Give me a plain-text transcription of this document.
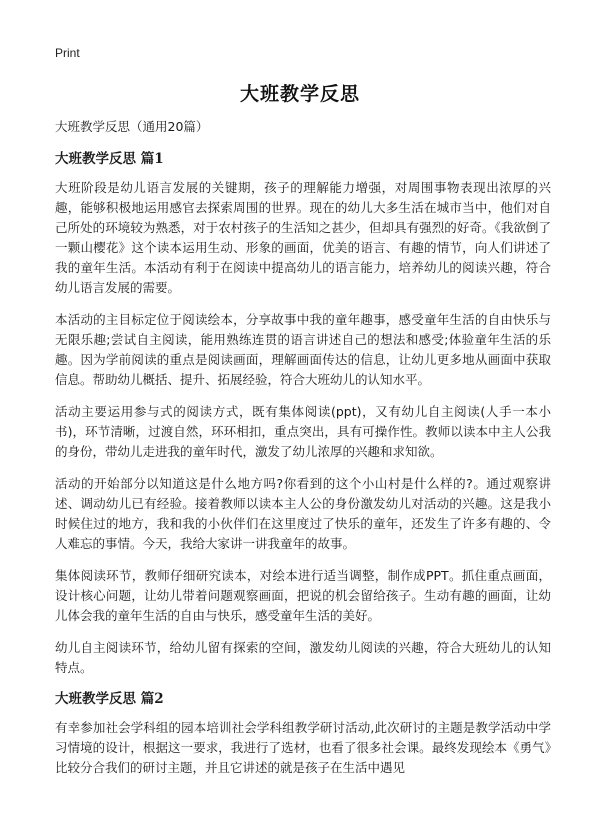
Print
大班教学反思

大班教学反思（通用20篇）

大班教学反思 篇1

大班阶段是幼儿语言发展的关键期，孩子的理解能力增强，对周围事物表现出浓厚的兴趣，能够积极地运用感官去探索周围的世界。现在的幼儿大多生活在城市当中，他们对自己所处的环境较为熟悉，对于农村孩子的生活知之甚少，但却具有强烈的好奇。《我欲倒了一颗山樱花》这个读本运用生动、形象的画面，优美的语言、有趣的情节，向人们讲述了我的童年生活。本活动有利于在阅读中提高幼儿的语言能力，培养幼儿的阅读兴趣，符合幼儿语言发展的需要。

本活动的主目标定位于阅读绘本，分享故事中我的童年趣事，感受童年生活的自由快乐与无限乐趣;尝试自主阅读，能用熟练连贯的语言讲述自己的想法和感受;体验童年生活的乐趣。因为学前阅读的重点是阅读画面，理解画面传达的信息，让幼儿更多地从画面中获取信息。帮助幼儿概括、提升、拓展经验，符合大班幼儿的认知水平。

活动主要运用参与式的阅读方式，既有集体阅读(ppt)，又有幼儿自主阅读(人手一本小书)，环节清晰，过渡自然，环环相扣，重点突出，具有可操作性。教师以读本中主人公我的身份，带幼儿走进我的童年时代，激发了幼儿浓厚的兴趣和求知欲。

活动的开始部分以知道这是什么地方吗?你看到的这个小山村是什么样的?。通过观察讲述、调动幼儿已有经验。接着教师以读本主人公的身份激发幼儿对活动的兴趣。这是我小时候住过的地方，我和我的小伙伴们在这里度过了快乐的童年，还发生了许多有趣的、令人难忘的事情。今天，我给大家讲一讲我童年的故事。

集体阅读环节，教师仔细研究读本，对绘本进行适当调整，制作成PPT。抓住重点画面，设计核心问题，让幼儿带着问题观察画面，把说的机会留给孩子。生动有趣的画面，让幼儿体会我的童年生活的自由与快乐，感受童年生活的美好。

幼儿自主阅读环节，给幼儿留有探索的空间，激发幼儿阅读的兴趣，符合大班幼儿的认知特点。

大班教学反思 篇2

有幸参加社会学科组的园本培训社会学科组教学研讨活动,此次研讨的主题是教学活动中学习情境的设计，根据这一要求，我进行了选材，也看了很多社会课。最终发现绘本《勇气》比较分合我们的研讨主题，并且它讲述的就是孩子在生活中遇见
